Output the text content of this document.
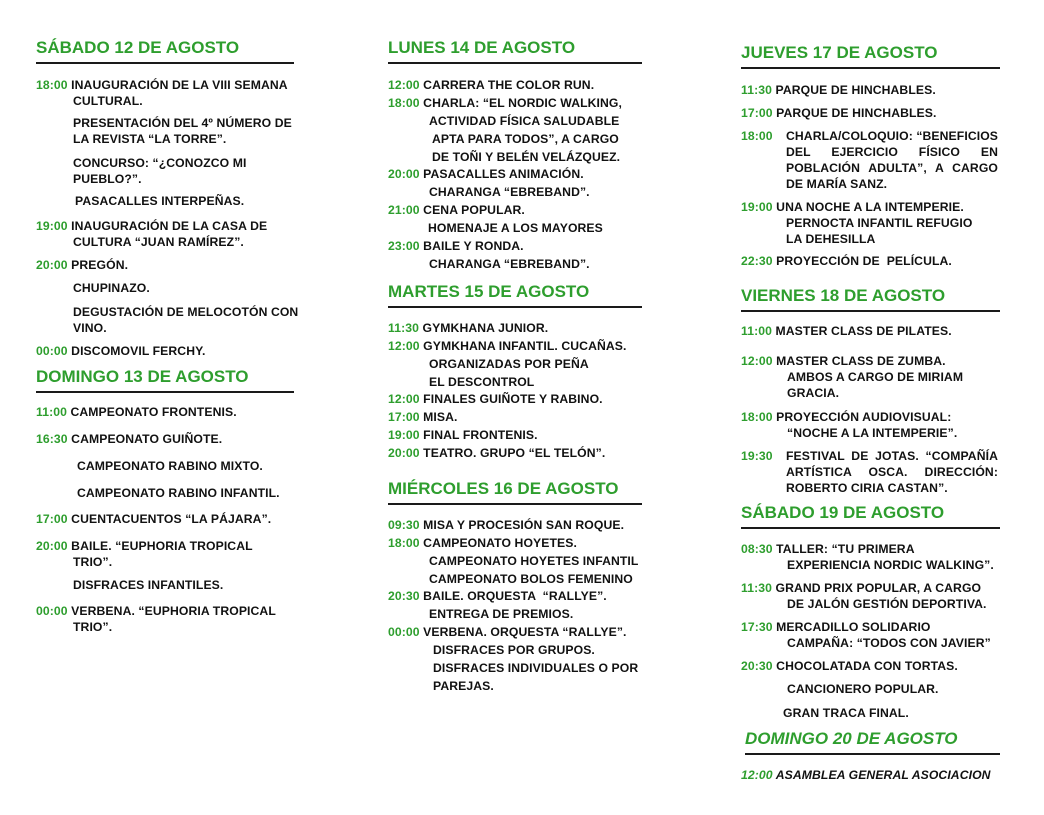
SÁBADO 12 DE AGOSTO
18:00 INAUGURACIÓN DE LA VIII SEMANA
CULTURAL.
PRESENTACIÓN DEL 4º NÚMERO DE
LA REVISTA “LA TORRE”.
CONCURSO: “¿CONOZCO MI
PUEBLO?”.
PASACALLES INTERPEÑAS.
19:00 INAUGURACIÓN DE LA CASA DE
CULTURA “JUAN RAMÍREZ”.
20:00 PREGÓN.
CHUPINAZO.
DEGUSTACIÓN DE MELOCOTÓN CON
VINO.
00:00 DISCOMOVIL FERCHY.
DOMINGO 13 DE AGOSTO
11:00 CAMPEONATO FRONTENIS.
16:30 CAMPEONATO GUIÑOTE.
CAMPEONATO RABINO MIXTO.
CAMPEONATO RABINO INFANTIL.
17:00 CUENTACUENTOS “LA PÁJARA”.
20:00 BAILE. “EUPHORIA TROPICAL
TRIO”.
DISFRACES INFANTILES.
00:00 VERBENA. “EUPHORIA TROPICAL
TRIO”.
LUNES 14 DE AGOSTO
12:00 CARRERA THE COLOR RUN.
18:00 CHARLA: “EL NORDIC WALKING,
ACTIVIDAD FÍSICA SALUDABLE
APTA PARA TODOS”, A CARGO
DE TOÑI Y BELÉN VELÁZQUEZ.
20:00 PASACALLES ANIMACIÓN.
CHARANGA “EBREBAND”.
21:00 CENA POPULAR.
HOMENAJE A LOS MAYORES
23:00 BAILE Y RONDA.
CHARANGA “EBREBAND”.
MARTES 15 DE AGOSTO
11:30 GYMKHANA JUNIOR.
12:00 GYMKHANA INFANTIL. CUCAÑAS.
ORGANIZADAS POR PEÑA
EL DESCONTROL
12:00 FINALES GUIÑOTE Y RABINO.
17:00 MISA.
19:00 FINAL FRONTENIS.
20:00 TEATRO. GRUPO “EL TELÓN”.
MIÉRCOLES 16 DE AGOSTO
09:30 MISA Y PROCESIÓN SAN ROQUE.
18:00 CAMPEONATO HOYETES.
CAMPEONATO HOYETES INFANTIL
CAMPEONATO BOLOS FEMENINO
20:30 BAILE. ORQUESTA  “RALLYE”.
ENTREGA DE PREMIOS.
00:00 VERBENA. ORQUESTA “RALLYE”.
DISFRACES POR GRUPOS.
DISFRACES INDIVIDUALES O POR
PAREJAS.
JUEVES 17 DE AGOSTO
11:30 PARQUE DE HINCHABLES.
17:00 PARQUE DE HINCHABLES.
18:00 CHARLA/COLOQUIO: “BENEFICIOS
DEL EJERCICIO FÍSICO EN
POBLACIÓN ADULTA”, A CARGO
DE MARÍA SANZ.
19:00 UNA NOCHE A LA INTEMPERIE.
PERNOCTA INFANTIL REFUGIO
LA DEHESILLA
22:30 PROYECCIÓN DE  PELÍCULA.
VIERNES 18 DE AGOSTO
11:00 MASTER CLASS DE PILATES.
12:00 MASTER CLASS DE ZUMBA.
AMBOS A CARGO DE MIRIAM
GRACIA.
18:00 PROYECCIÓN AUDIOVISUAL:
“NOCHE A LA INTEMPERIE”.
19:30 FESTIVAL DE JOTAS. “COMPAÑÍA
ARTÍSTICA OSCA. DIRECCIÓN:
ROBERTO CIRIA CASTAN”.
SÁBADO 19 DE AGOSTO
08:30 TALLER: “TU PRIMERA
EXPERIENCIA NORDIC WALKING”.
11:30 GRAND PRIX POPULAR, A CARGO
DE JALÓN GESTIÓN DEPORTIVA.
17:30 MERCADILLO SOLIDARIO
CAMPAÑA: “TODOS CON JAVIER”
20:30 CHOCOLATADA CON TORTAS.
CANCIONERO POPULAR.
GRAN TRACA FINAL.
DOMINGO 20 DE AGOSTO
12:00 ASAMBLEA GENERAL ASOCIACION
